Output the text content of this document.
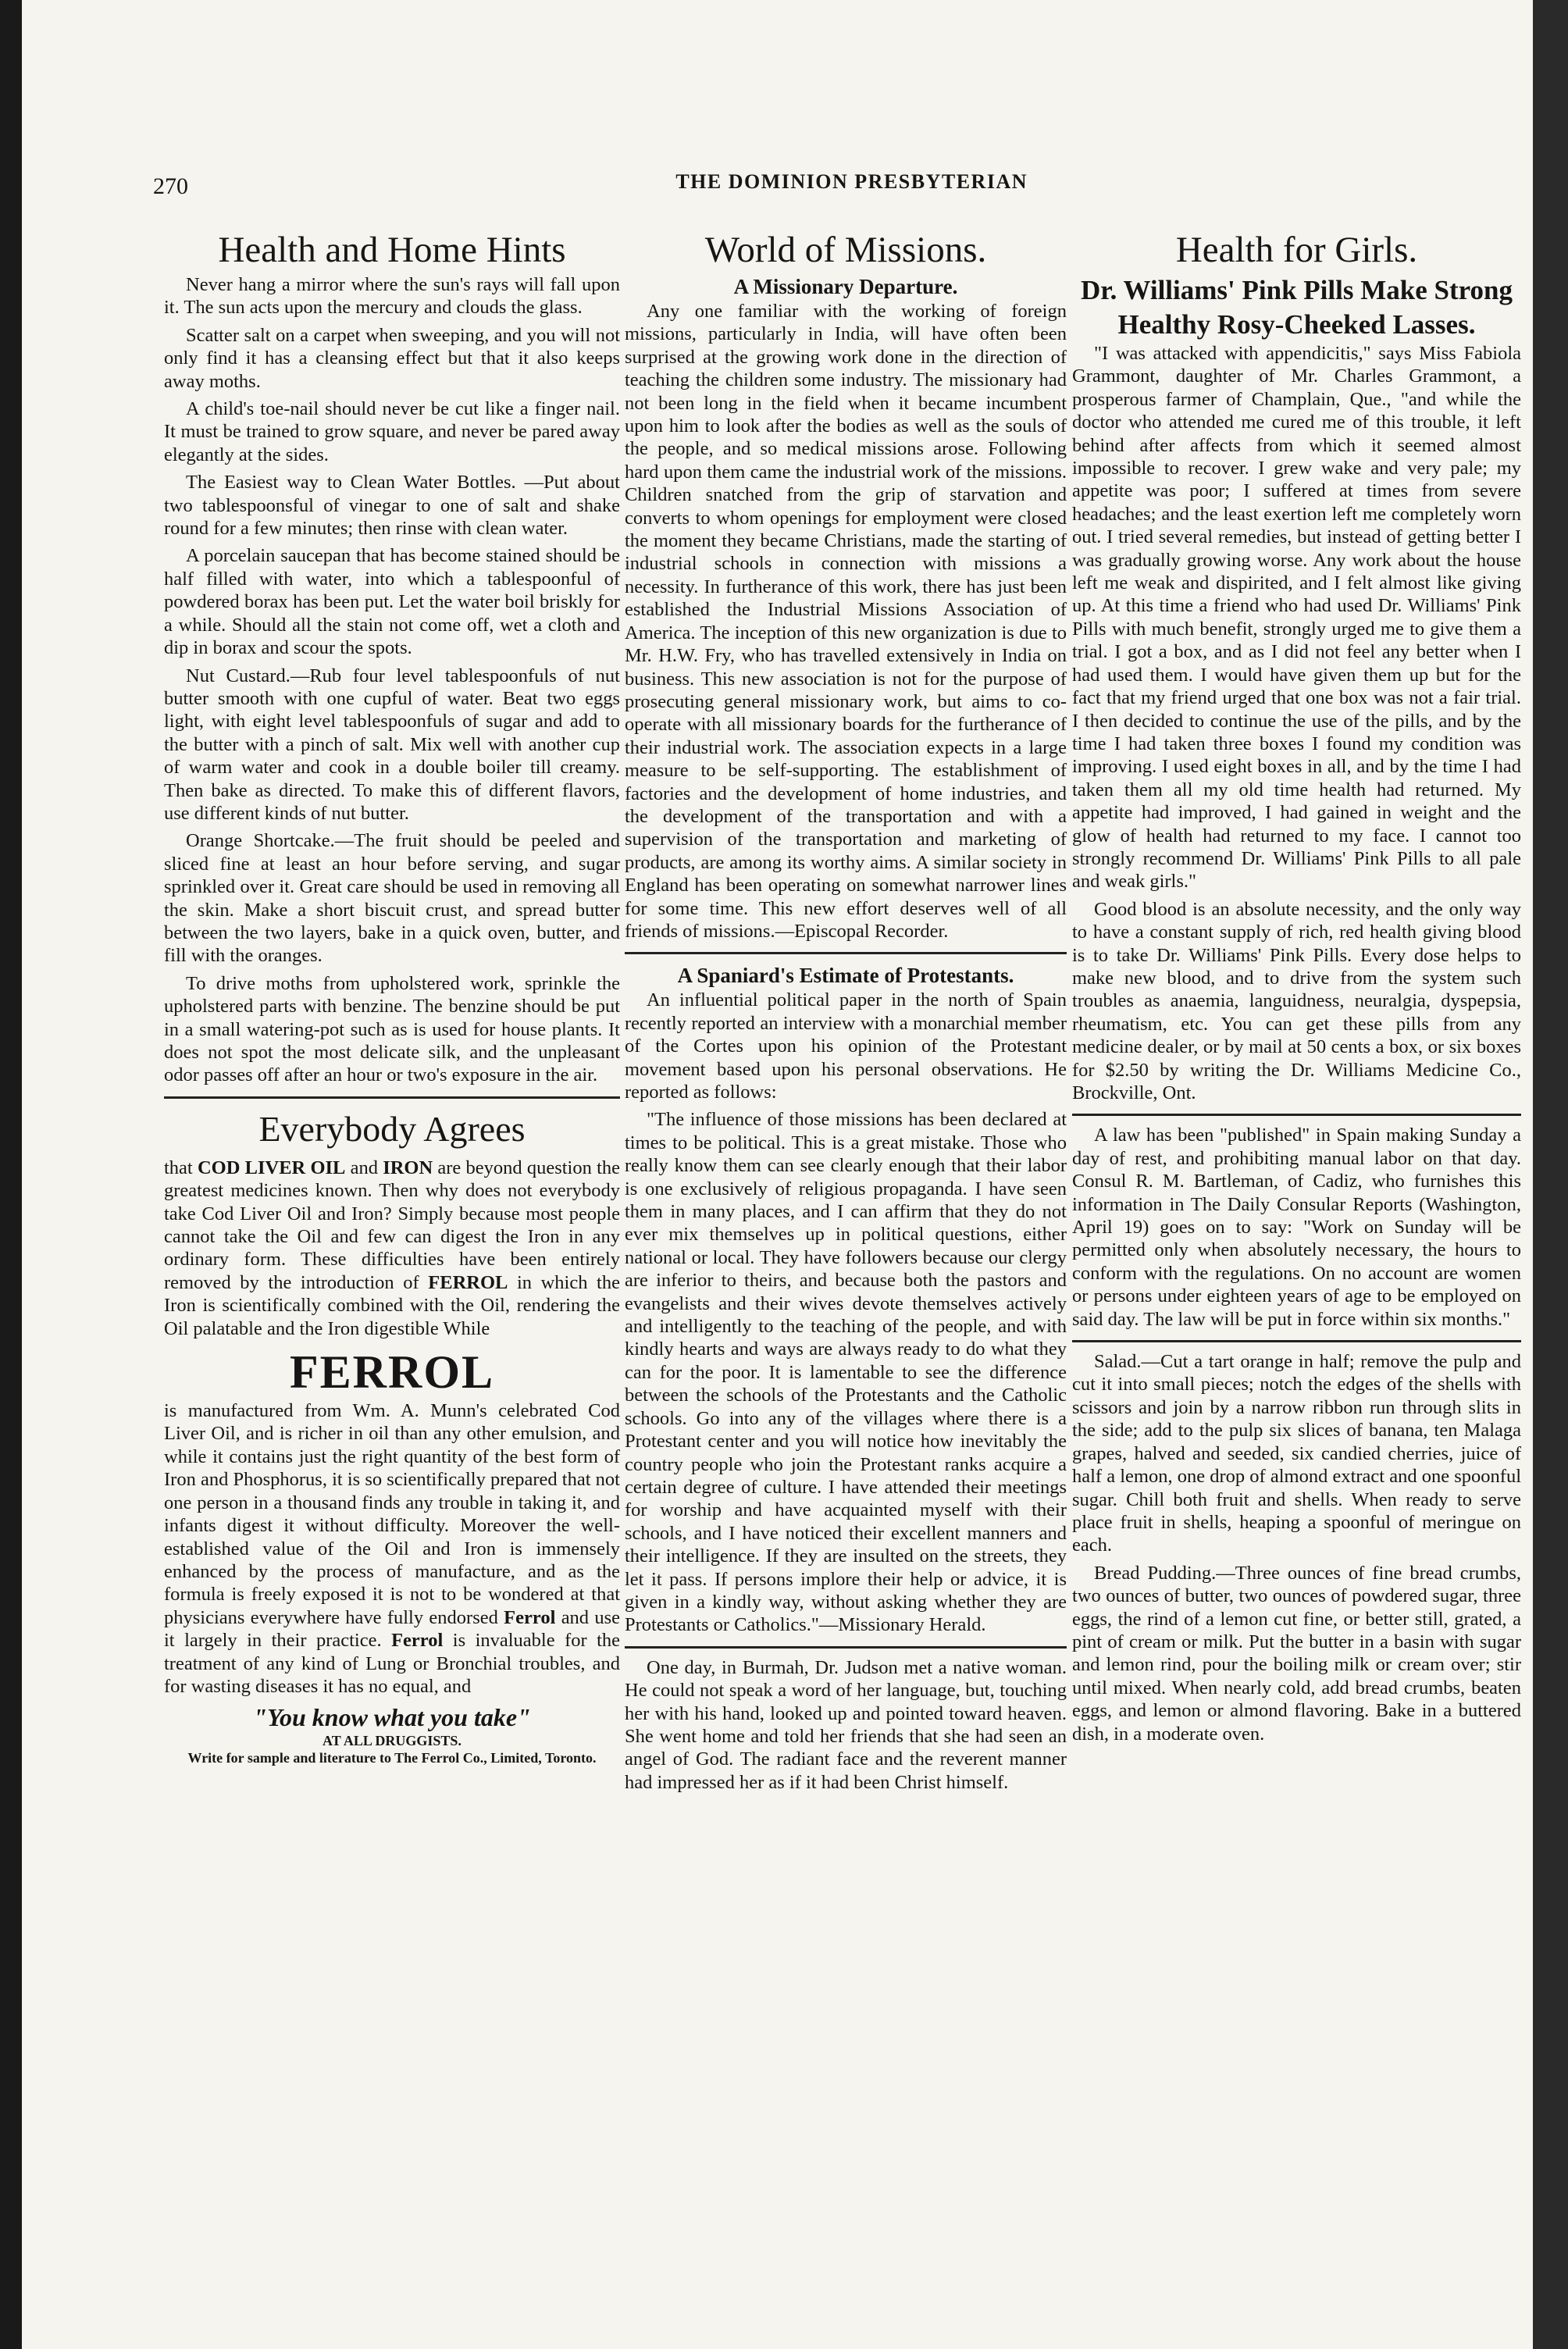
270	THE DOMINION PRESBYTERIAN
Health and Home Hints

Never hang a mirror where the sun's rays will fall upon it. The sun acts upon the mercury and clouds the glass.

Scatter salt on a carpet when sweeping, and you will not only find it has a cleansing effect but that it also keeps away moths.

A child's toe-nail should never be cut like a finger nail. It must be trained to grow square, and never be pared away elegantly at the sides.

The Easiest way to Clean Water Bottles. —Put about two tablespoonsful of vinegar to one of salt and shake round for a few minutes; then rinse with clean water.

A porcelain saucepan that has become stained should be half filled with water, into which a tablespoonful of powdered borax has been put. Let the water boil briskly for a while. Should all the stain not come off, wet a cloth and dip in borax and scour the spots.

Nut Custard.—Rub four level tablespoonfuls of nut butter smooth with one cupful of water. Beat two eggs light, with eight level tablespoonfuls of sugar and add to the butter with a pinch of salt. Mix well with another cup of warm water and cook in a double boiler till creamy. Then bake as directed. To make this of different flavors, use different kinds of nut butter.

Orange Shortcake.—The fruit should be peeled and sliced fine at least an hour before serving, and sugar sprinkled over it. Great care should be used in removing all the skin. Make a short biscuit crust, and spread butter between the two layers, bake in a quick oven, butter, and fill with the oranges.

To drive moths from upholstered work, sprinkle the upholstered parts with benzine. The benzine should be put in a small watering-pot such as is used for house plants. It does not spot the most delicate silk, and the unpleasant odor passes off after an hour or two's exposure in the air.

Everybody Agrees

that COD LIVER OIL and IRON are beyond question the greatest medicines known. Then why does not everybody take Cod Liver Oil and Iron? Simply because most people cannot take the Oil and few can digest the Iron in any ordinary form. These difficulties have been entirely removed by the introduction of FERROL in which the Iron is scientifically combined with the Oil, rendering the Oil palatable and the Iron digestible While

FERROL

is manufactured from Wm. A. Munn's celebrated Cod Liver Oil, and is richer in oil than any other emulsion, and while it contains just the right quantity of the best form of Iron and Phosphorus, it is so scientifically prepared that not one person in a thousand finds any trouble in taking it, and infants digest it without difficulty. Moreover the well-established value of the Oil and Iron is immensely enhanced by the process of manufacture, and as the formula is freely exposed it is not to be wondered at that physicians everywhere have fully endorsed Ferrol and use it largely in their practice. Ferrol is invaluable for the treatment of any kind of Lung or Bronchial troubles, and for wasting diseases it has no equal, and

"You know what you take"
AT ALL DRUGGISTS.
Write for sample and literature to The Ferrol Co., Limited, Toronto.
World of Missions.
A Missionary Departure.

Any one familiar with the working of foreign missions, particularly in India, will have often been surprised at the growing work done in the direction of teaching the children some industry. The missionary had not been long in the field when it became incumbent upon him to look after the bodies as well as the souls of the people, and so medical missions arose. Following hard upon them came the industrial work of the missions. Children snatched from the grip of starvation and converts to whom openings for employment were closed the moment they became Christians, made the starting of industrial schools in connection with missions a necessity. In furtherance of this work, there has just been established the Industrial Missions Association of America. The inception of this new organization is due to Mr. H.W. Fry, who has travelled extensively in India on business. This new association is not for the purpose of prosecuting general missionary work, but aims to co-operate with all missionary boards for the furtherance of their industrial work. The association expects in a large measure to be self-supporting. The establishment of factories and the development of home industries, and the development of the transportation and with a supervision of the transportation and marketing of products, are among its worthy aims. A similar society in England has been operating on somewhat narrower lines for some time. This new effort deserves well of all friends of missions.—Episcopal Recorder.

A Spaniard's Estimate of Protestants.

An influential political paper in the north of Spain recently reported an interview with a monarchial member of the Cortes upon his opinion of the Protestant movement based upon his personal observations. He reported as follows:

"The influence of those missions has been declared at times to be political. This is a great mistake. Those who really know them can see clearly enough that their labor is one exclusively of religious propaganda. I have seen them in many places, and I can affirm that they do not ever mix themselves up in political questions, either national or local. They have followers because our clergy are inferior to theirs, and because both the pastors and evangelists and their wives devote themselves actively and intelligently to the teaching of the people, and with kindly hearts and ways are always ready to do what they can for the poor. It is lamentable to see the difference between the schools of the Protestants and the Catholic schools. Go into any of the villages where there is a Protestant center and you will notice how inevitably the country people who join the Protestant ranks acquire a certain degree of culture. I have attended their meetings for worship and have acquainted myself with their schools, and I have noticed their excellent manners and their intelligence. If they are insulted on the streets, they let it pass. If persons implore their help or advice, it is given in a kindly way, without asking whether they are Protestants or Catholics."—Missionary Herald.

One day, in Burmah, Dr. Judson met a native woman. He could not speak a word of her language, but, touching her with his hand, looked up and pointed toward heaven. She went home and told her friends that she had seen an angel of God. The radiant face and the reverent manner had impressed her as if it had been Christ himself.

Health for Girls.
Dr. Williams' Pink Pills Make Strong Healthy Rosy-Cheeked Lasses.

"I was attacked with appendicitis," says Miss Fabiola Grammont, daughter of Mr. Charles Grammont, a prosperous farmer of Champlain, Que., "and while the doctor who attended me cured me of this trouble, it left behind after affects from which it seemed almost impossible to recover. I grew wake and very pale; my appetite was poor; I suffered at times from severe headaches; and the least exertion left me completely worn out. I tried several remedies, but instead of getting better I was gradually growing worse. Any work about the house left me weak and dispirited, and I felt almost like giving up. At this time a friend who had used Dr. Williams' Pink Pills with much benefit, strongly urged me to give them a trial. I got a box, and as I did not feel any better when I had used them. I would have given them up but for the fact that my friend urged that one box was not a fair trial. I then decided to continue the use of the pills, and by the time I had taken three boxes I found my condition was improving. I used eight boxes in all, and by the time I had taken them all my old time health had returned. My appetite had improved, I had gained in weight and the glow of health had returned to my face. I cannot too strongly recommend Dr. Williams' Pink Pills to all pale and weak girls."

Good blood is an absolute necessity, and the only way to have a constant supply of rich, red health giving blood is to take Dr. Williams' Pink Pills. Every dose helps to make new blood, and to drive from the system such troubles as anaemia, languidness, neuralgia, dyspepsia, rheumatism, etc. You can get these pills from any medicine dealer, or by mail at 50 cents a box, or six boxes for $2.50 by writing the Dr. Williams Medicine Co., Brockville, Ont.

A law has been "published" in Spain making Sunday a day of rest, and prohibiting manual labor on that day. Consul R. M. Bartleman, of Cadiz, who furnishes this information in The Daily Consular Reports (Washington, April 19) goes on to say: "Work on Sunday will be permitted only when absolutely necessary, the hours to conform with the regulations. On no account are women or persons under eighteen years of age to be employed on said day. The law will be put in force within six months."

Salad.—Cut a tart orange in half; remove the pulp and cut it into small pieces; notch the edges of the shells with scissors and join by a narrow ribbon run through slits in the side; add to the pulp six slices of banana, ten Malaga grapes, halved and seeded, six candied cherries, juice of half a lemon, one drop of almond extract and one spoonful sugar. Chill both fruit and shells. When ready to serve place fruit in shells, heaping a spoonful of meringue on each.

Bread Pudding.—Three ounces of fine bread crumbs, two ounces of butter, two ounces of powdered sugar, three eggs, the rind of a lemon cut fine, or better still, grated, a pint of cream or milk. Put the butter in a basin with sugar and lemon rind, pour the boiling milk or cream over; stir until mixed. When nearly cold, add bread crumbs, beaten eggs, and lemon or almond flavoring. Bake in a buttered dish, in a moderate oven.
